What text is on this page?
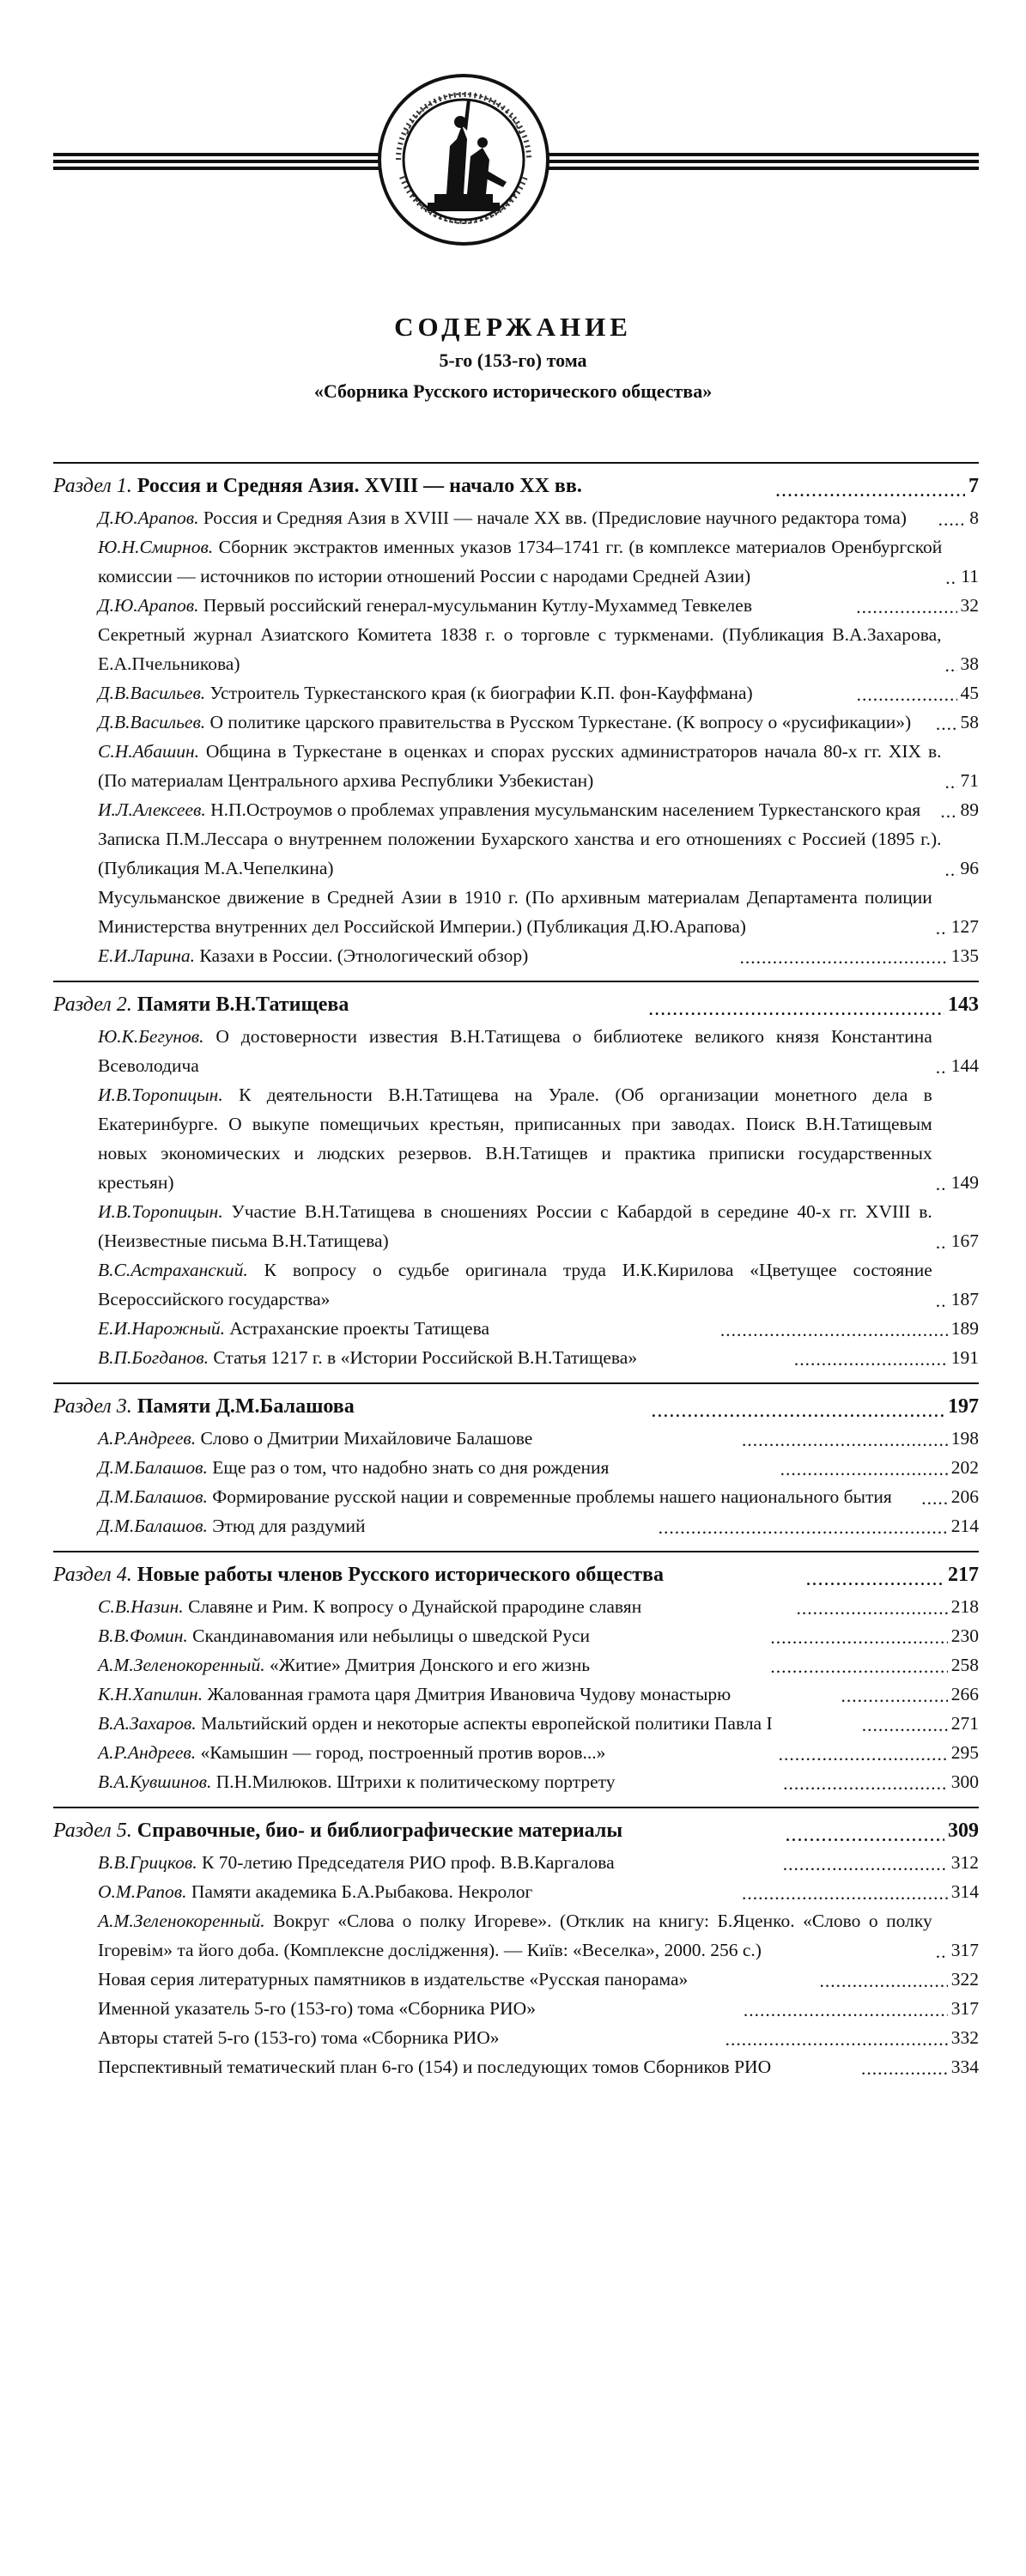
СОДЕРЖАНИЕ
5-го (153-го) тома
«Сборника Русского исторического общества»
Раздел 1. Россия и Средняя Азия. XVIII — начало XX вв. .....	7
Д.Ю.Арапов. Россия и Средняя Азия в XVIII — начале XX вв. (Предисловие научного редактора тома) .....	8
Ю.Н.Смирнов. Сборник экстрактов именных указов 1734–1741 гг. (в комплексе материалов Оренбургской комиссии — источников по истории отношений России с народами Средней Азии) .....	11
Д.Ю.Арапов. Первый российский генерал-мусульманин Кутлу-Мухаммед Тевкелев .....	32
Секретный журнал Азиатского Комитета 1838 г. о торговле с туркменами. (Публикация В.А.Захарова, Е.А.Пчельникова) .....	38
Д.В.Васильев. Устроитель Туркестанского края (к биографии К.П. фон-Кауффмана) .....	45
Д.В.Васильев. О политике царского правительства в Русском Туркестане. (К вопросу о «русификации») .....	58
С.Н.Абашин. Община в Туркестане в оценках и спорах русских администраторов начала 80-х гг. XIX в. (По материалам Центрального архива Республики Узбекистан) .....	71
И.Л.Алексеев. Н.П.Остроумов о проблемах управления мусульманским населением Туркестанского края .....	89
Записка П.М.Лессара о внутреннем положении Бухарского ханства и его отношениях с Россией (1895 г.). (Публикация М.А.Чепелкина) .....	96
Мусульманское движение в Средней Азии в 1910 г. (По архивным материалам Департамента полиции Министерства внутренних дел Российской Империи.) (Публикация Д.Ю.Арапова) .....	127
Е.И.Ларина. Казахи в России. (Этнологический обзор) .....	135
Раздел 2. Памяти В.Н.Татищева .....	143
Ю.К.Бегунов. О достоверности известия В.Н.Татищева о библиотеке великого князя Константина Всеволодича .....	144
И.В.Торопицын. К деятельности В.Н.Татищева на Урале. (Об организации монетного дела в Екатеринбурге. О выкупе помещичьих крестьян, приписанных при заводах. Поиск В.Н.Татищевым новых экономических и людских резервов. В.Н.Татищев и практика приписки государственных крестьян) .....	149
И.В.Торопицын. Участие В.Н.Татищева в сношениях России с Кабардой в середине 40-х гг. XVIII в. (Неизвестные письма В.Н.Татищева) .....	167
В.С.Астраханский. К вопросу о судьбе оригинала труда И.К.Кирилова «Цветущее состояние Всероссийского государства» .....	187
Е.И.Нарожный. Астраханские проекты Татищева .....	189
В.П.Богданов. Статья 1217 г. в «Истории Российской В.Н.Татищева» .....	191
Раздел 3. Памяти Д.М.Балашова .....	197
А.Р.Андреев. Слово о Дмитрии Михайловиче Балашове .....	198
Д.М.Балашов. Еще раз о том, что надобно знать со дня рождения .....	202
Д.М.Балашов. Формирование русской нации и современные проблемы нашего национального бытия .....	206
Д.М.Балашов. Этюд для раздумий .....	214
Раздел 4. Новые работы членов Русского исторического общества .....	217
С.В.Назин. Славяне и Рим. К вопросу о Дунайской прародине славян .....	218
В.В.Фомин. Скандинавомания или небылицы о шведской Руси .....	230
А.М.Зеленокоренный. «Житие» Дмитрия Донского и его жизнь .....	258
К.Н.Хапилин. Жалованная грамота царя Дмитрия Ивановича Чудову монастырю .....	266
В.А.Захаров. Мальтийский орден и некоторые аспекты европейской политики Павла I .....	271
А.Р.Андреев. «Камышин — город, построенный против воров...» .....	295
В.А.Кувшинов. П.Н.Милюков. Штрихи к политическому портрету .....	300
Раздел 5. Справочные, био- и библиографические материалы .....	309
В.В.Грицков. К 70-летию Председателя РИО проф. В.В.Каргалова .....	312
О.М.Рапов. Памяти академика Б.А.Рыбакова. Некролог .....	314
А.М.Зеленокоренный. Вокруг «Слова о полку Игореве». (Отклик на книгу: Б.Яценко. «Слово о полку Iгоревiм» та його доба. (Комплексне дослідження). — Київ: «Веселка», 2000. 256 с.) .....	317
Новая серия литературных памятников в издательстве «Русская панорама» .....	322
Именной указатель 5-го (153-го) тома «Сборника РИО» .....	317
Авторы статей 5-го (153-го) тома «Сборника РИО» .....	332
Перспективный тематический план 6-го (154) и последующих томов Сборников РИО .....	334
